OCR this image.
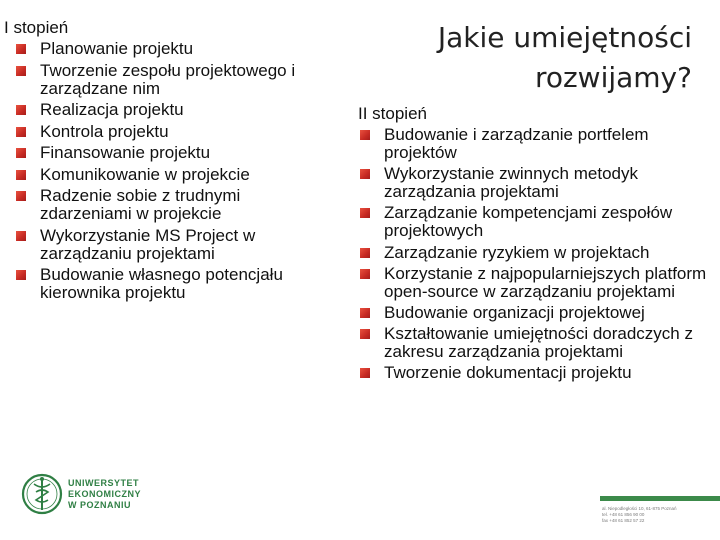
Jakie umiejętności
rozwijamy?
I stopień
Planowanie projektu
Tworzenie zespołu projektowego i zarządzane nim
Realizacja projektu
Kontrola projektu
Finansowanie projektu
Komunikowanie w projekcie
Radzenie sobie z trudnymi zdarzeniami w projekcie
Wykorzystanie MS Project w zarządzaniu projektami
Budowanie własnego potencjału kierownika projektu
II stopień
Budowanie i zarządzanie portfelem projektów
Wykorzystanie zwinnych metodyk zarządzania projektami
Zarządzanie kompetencjami zespołów projektowych
Zarządzanie ryzykiem w projektach
Korzystanie z najpopularniejszych platform open-source w zarządzaniu projektami
Budowanie organizacji projektowej
Kształtowanie umiejętności doradczych z zakresu zarządzania projektami
Tworzenie dokumentacji projektu
UNIWERSYTET
EKONOMICZNY
W POZNANIU	al. Niepodległości 10, 61-875 Poznań
tel. +48 61 856 90 00
fax +48 61 852 57 22
